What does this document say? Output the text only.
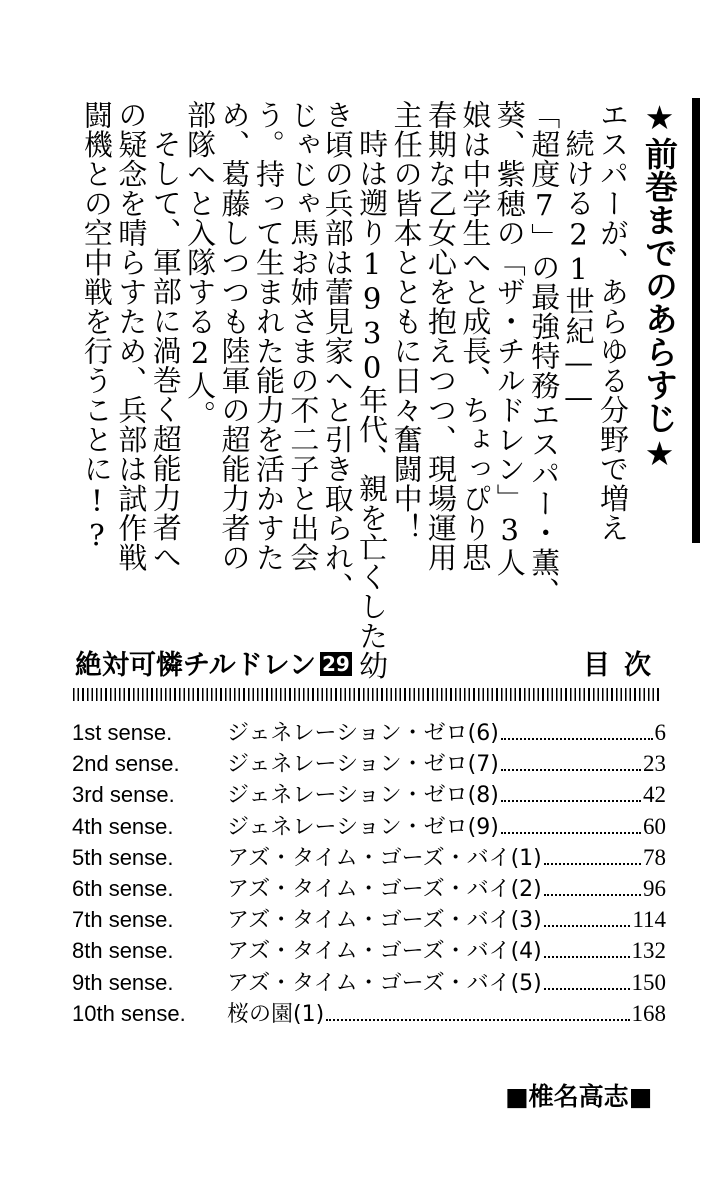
★前巻までのあらすじ★

エスパーが、あらゆる分野で増え

続ける21世紀——

「超度7」の最強特務エスパー・薫、

葵、紫穂の「ザ・チルドレン」3人

娘は中学生へと成長、ちょっぴり思

春期な乙女心を抱えつつ、現場運用

主任の皆本とともに日々奮闘中！

時は遡り1930年代、親を亡くした幼

き頃の兵部は蕾見家へと引き取られ、

じゃじゃ馬お姉さまの不二子と出会

う。持って生まれた能力を活かすた

め、葛藤しつつも陸軍の超能力者の

部隊へと入隊する2人。

そして、軍部に渦巻く超能力者へ

の疑念を晴らすため、兵部は試作戦

闘機との空中戦を行うことに!?

絶対可憐チルドレン 29	目次
1st sense.	ジェネレーション・ゼロ(6)	6
2nd sense.	ジェネレーション・ゼロ(7)	23
3rd sense.	ジェネレーション・ゼロ(8)	42
4th sense.	ジェネレーション・ゼロ(9)	60
5th sense.	アズ・タイム・ゴーズ・バイ(1)	78
6th sense.	アズ・タイム・ゴーズ・バイ(2)	96
7th sense.	アズ・タイム・ゴーズ・バイ(3)	114
8th sense.	アズ・タイム・ゴーズ・バイ(4)	132
9th sense.	アズ・タイム・ゴーズ・バイ(5)	150
10th sense.	桜の園(1)	168
■椎名高志■
